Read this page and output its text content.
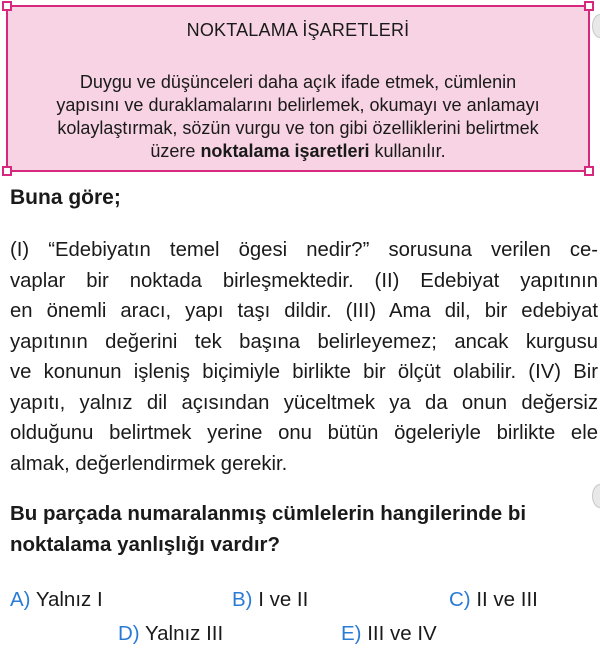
NOKTALAMA İŞARETLERİ
Duygu ve düşünceleri daha açık ifade etmek, cümlenin
yapısını ve duraklamalarını belirlemek, okumayı ve anlamayı
kolaylaştırmak, sözün vurgu ve ton gibi özelliklerini belirtmek
üzere noktalama işaretleri kullanılır.
Buna göre;
(I) “Edebiyatın temel ögesi nedir?” sorusuna verilen ce-
vaplar bir noktada birleşmektedir. (II) Edebiyat yapıtının
en önemli aracı, yapı taşı dildir. (III) Ama dil, bir edebiyat
yapıtının değerini tek başına belirleyemez; ancak kurgusu
ve konunun işleniş biçimiyle birlikte bir ölçüt olabilir. (IV) Bir
yapıtı, yalnız dil açısından yüceltmek ya da onun değersiz
olduğunu belirtmek yerine onu bütün ögeleriyle birlikte ele
almak, değerlendirmek gerekir.
Bu parçada numaralanmış cümlelerin hangilerinde bi
noktalama yanlışlığı vardır?
A) Yalnız I	B) I ve II	C) II ve III
D) Yalnız III	E) III ve IV
